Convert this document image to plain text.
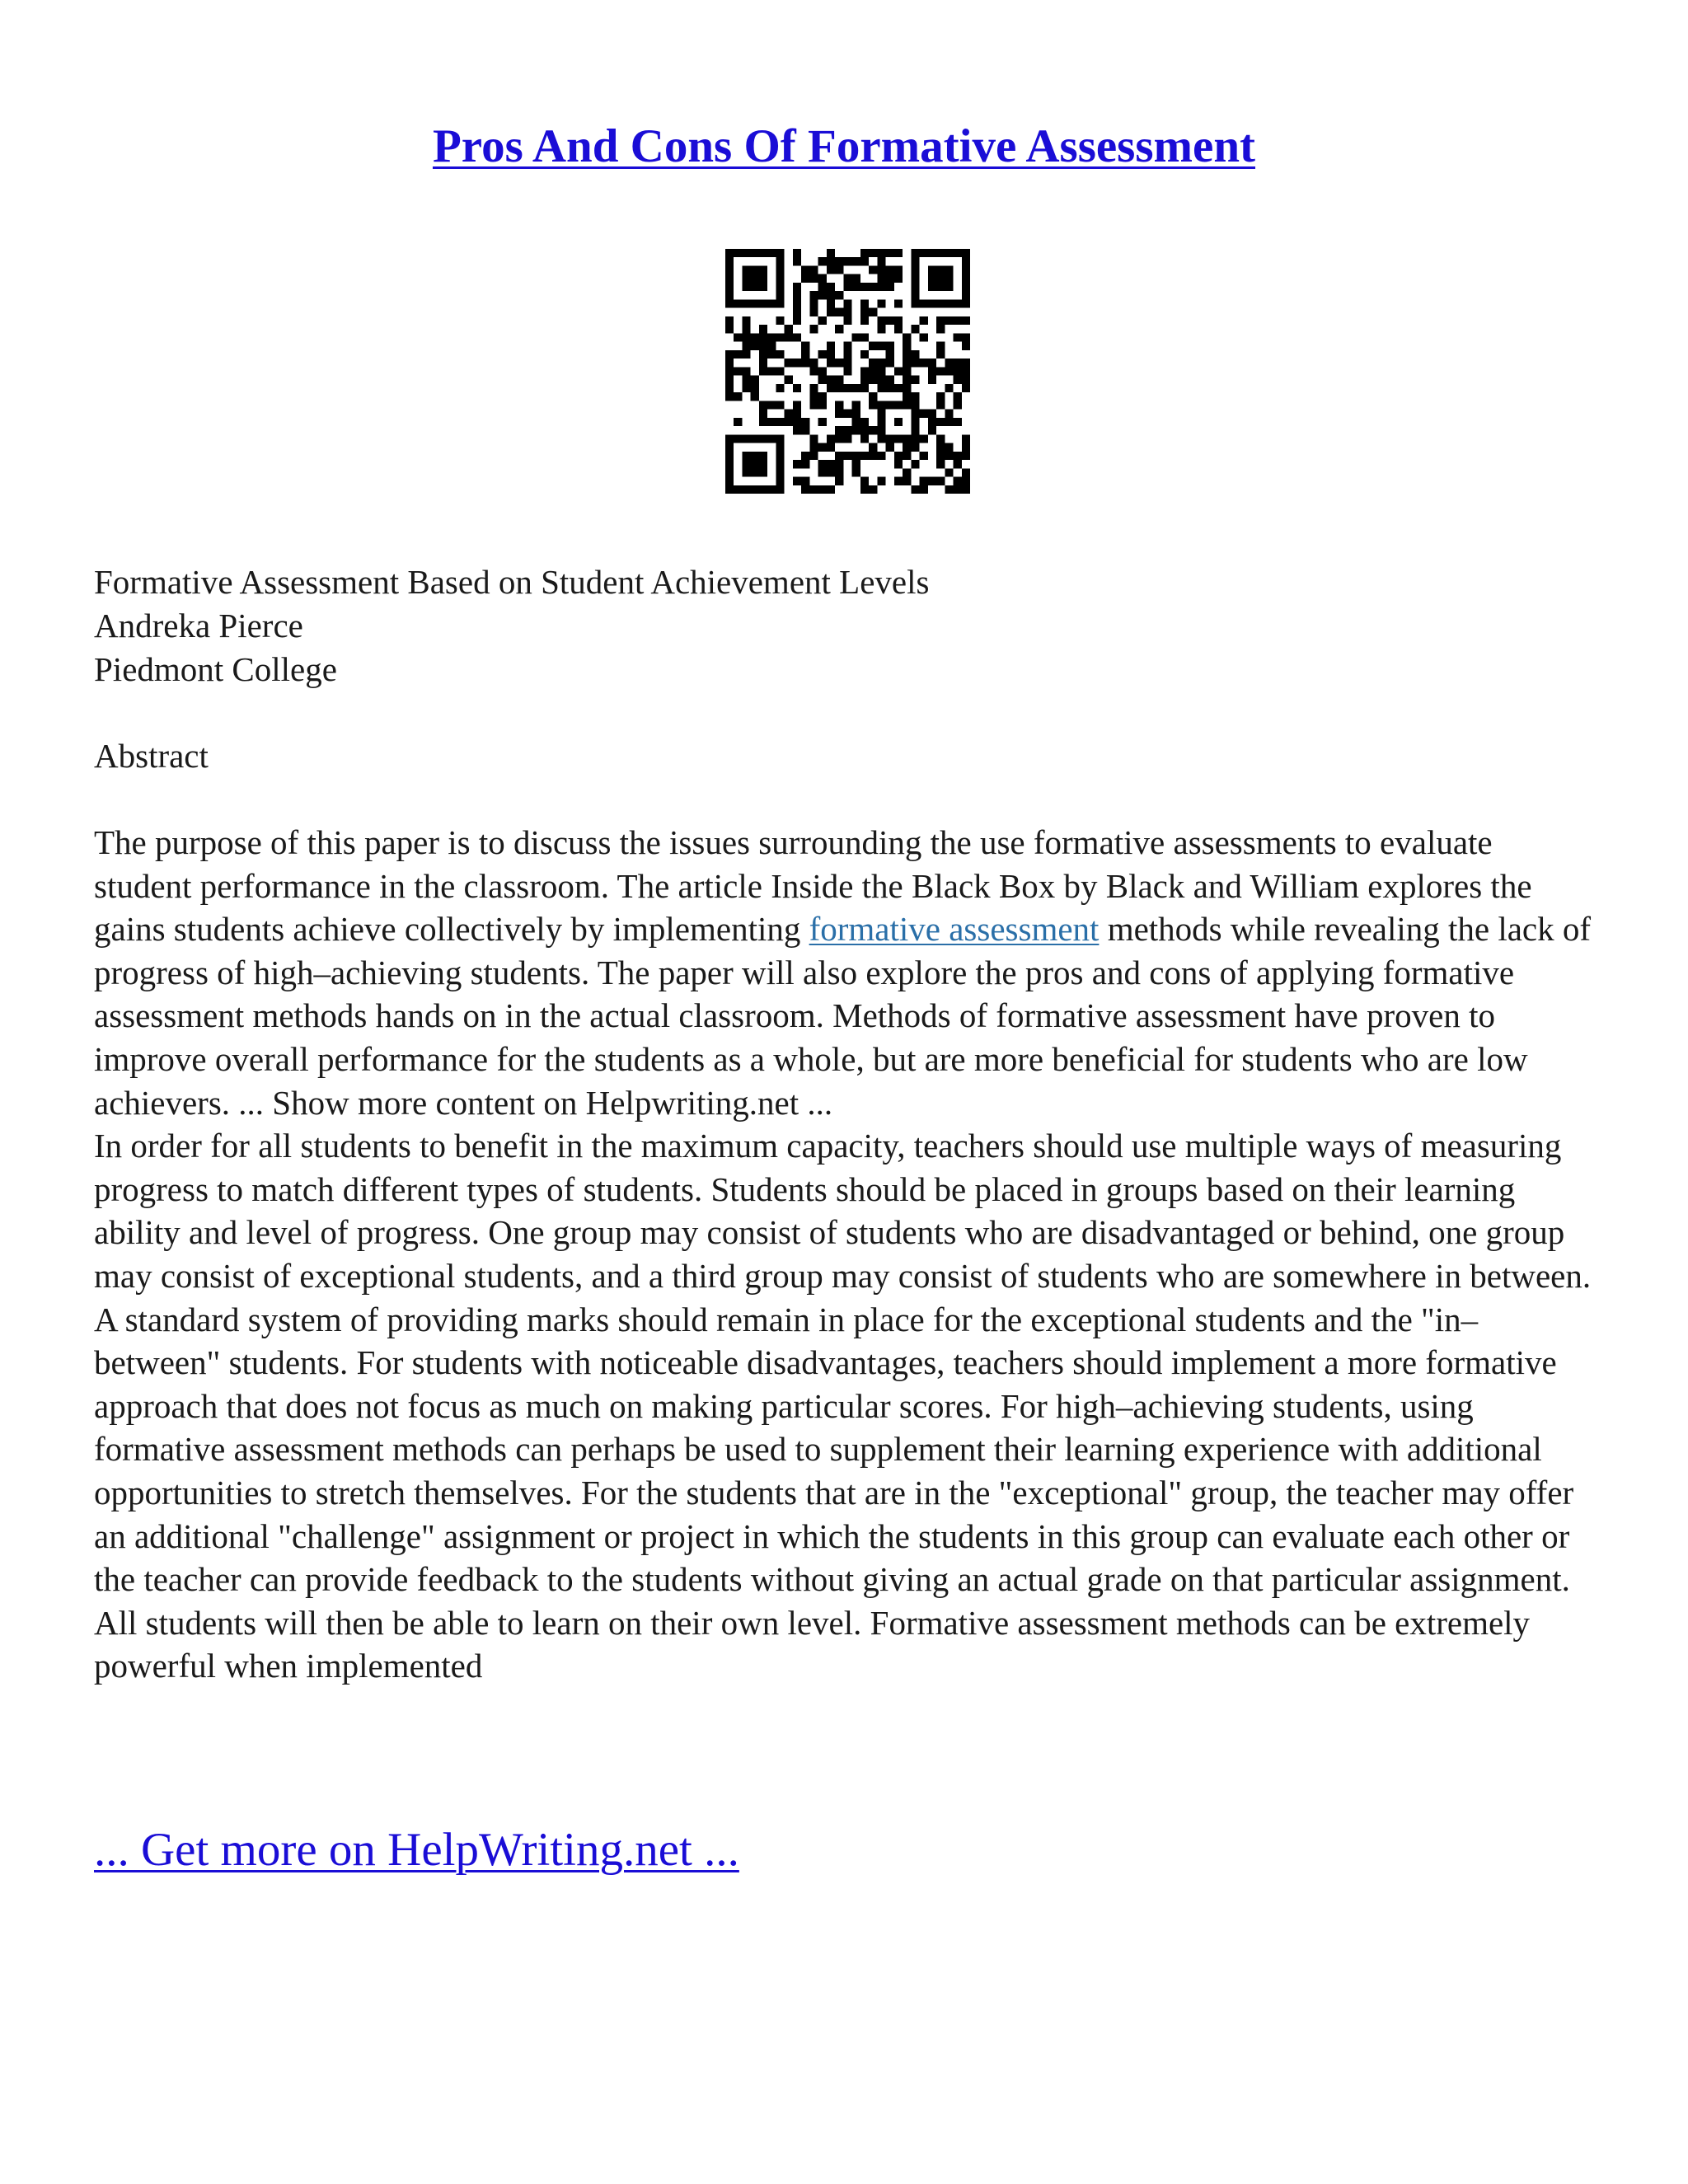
Pros And Cons Of Formative Assessment
Formative Assessment Based on Student Achievement Levels
Andreka Pierce
Piedmont College
Abstract

The purpose of this paper is to discuss the issues surrounding the use formative assessments to evaluate student performance in the classroom. The article Inside the Black Box by Black and William explores the gains students achieve collectively by implementing formative assessment methods while revealing the lack of progress of high–achieving students. The paper will also explore the pros and cons of applying formative assessment methods hands on in the actual classroom. Methods of formative assessment have proven to improve overall performance for the students as a whole, but are more beneficial for students who are low achievers. ... Show more content on Helpwriting.net ...

In order for all students to benefit in the maximum capacity, teachers should use multiple ways of measuring progress to match different types of students. Students should be placed in groups based on their learning ability and level of progress. One group may consist of students who are disadvantaged or behind, one group may consist of exceptional students, and a third group may consist of students who are somewhere in between. A standard system of providing marks should remain in place for the exceptional students and the "in–between" students. For students with noticeable disadvantages, teachers should implement a more formative approach that does not focus as much on making particular scores. For high–achieving students, using formative assessment methods can perhaps be used to supplement their learning experience with additional opportunities to stretch themselves. For the students that are in the "exceptional" group, the teacher may offer an additional "challenge" assignment or project in which the students in this group can evaluate each other or the teacher can provide feedback to the students without giving an actual grade on that particular assignment. All students will then be able to learn on their own level. Formative assessment methods can be extremely powerful when implemented

... Get more on HelpWriting.net ...
